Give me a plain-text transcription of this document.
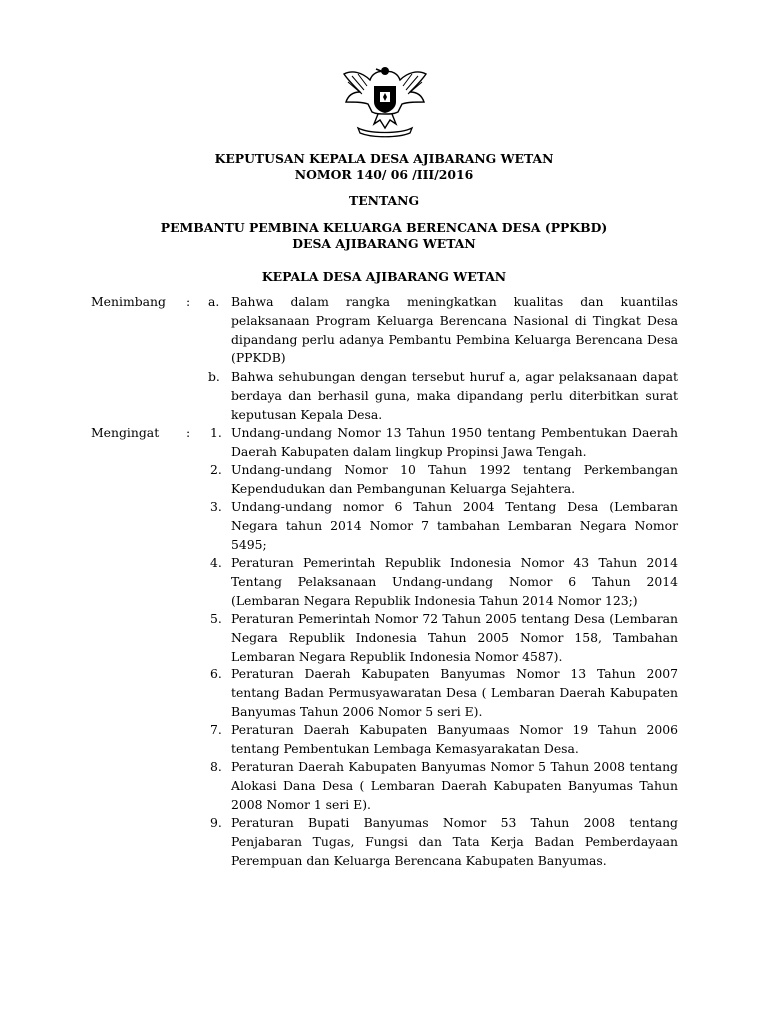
KEPUTUSAN KEPALA DESA AJIBARANG WETAN
NOMOR 140/ 06 /III/2016
TENTANG
PEMBANTU PEMBINA KELUARGA BERENCANA DESA (PPKBD)
DESA AJIBARANG WETAN
KEPALA DESA AJIBARANG WETAN
Menimbang : a. Bahwa dalam rangka meningkatkan kualitas dan kuantilas pelaksanaan Program Keluarga Berencana Nasional di Tingkat Desa dipandang perlu adanya Pembantu Pembina Keluarga Berencana Desa (PPKDB)
b. Bahwa sehubungan dengan tersebut huruf a, agar pelaksanaan dapat berdaya dan berhasil guna, maka dipandang perlu diterbitkan surat keputusan Kepala Desa.
Mengingat : 1. Undang-undang Nomor 13 Tahun 1950 tentang Pembentukan Daerah Daerah Kabupaten dalam lingkup Propinsi Jawa Tengah.
2. Undang-undang Nomor 10 Tahun 1992 tentang Perkembangan Kependudukan dan Pembangunan Keluarga Sejahtera.
3. Undang-undang nomor 6 Tahun 2004 Tentang Desa (Lembaran Negara tahun 2014 Nomor 7 tambahan Lembaran Negara Nomor 5495;
4. Peraturan Pemerintah Republik Indonesia Nomor 43 Tahun 2014 Tentang Pelaksanaan Undang-undang Nomor 6 Tahun 2014 (Lembaran Negara Republik Indonesia Tahun 2014 Nomor 123;)
5. Peraturan Pemerintah Nomor 72 Tahun 2005 tentang Desa (Lembaran Negara Republik Indonesia Tahun 2005 Nomor 158, Tambahan Lembaran Negara Republik Indonesia Nomor 4587).
6. Peraturan Daerah Kabupaten Banyumas Nomor 13 Tahun 2007 tentang Badan Permusyawaratan Desa ( Lembaran Daerah Kabupaten Banyumas Tahun 2006 Nomor 5 seri E).
7. Peraturan Daerah Kabupaten Banyumaas Nomor 19 Tahun 2006 tentang Pembentukan Lembaga Kemasyarakatan Desa.
8. Peraturan Daerah Kabupaten Banyumas Nomor 5 Tahun 2008 tentang Alokasi Dana Desa ( Lembaran Daerah Kabupaten Banyumas Tahun 2008 Nomor 1 seri E).
9. Peraturan Bupati Banyumas Nomor 53 Tahun 2008 tentang Penjabaran Tugas, Fungsi dan Tata Kerja Badan Pemberdayaan Perempuan dan Keluarga Berencana Kabupaten Banyumas.
